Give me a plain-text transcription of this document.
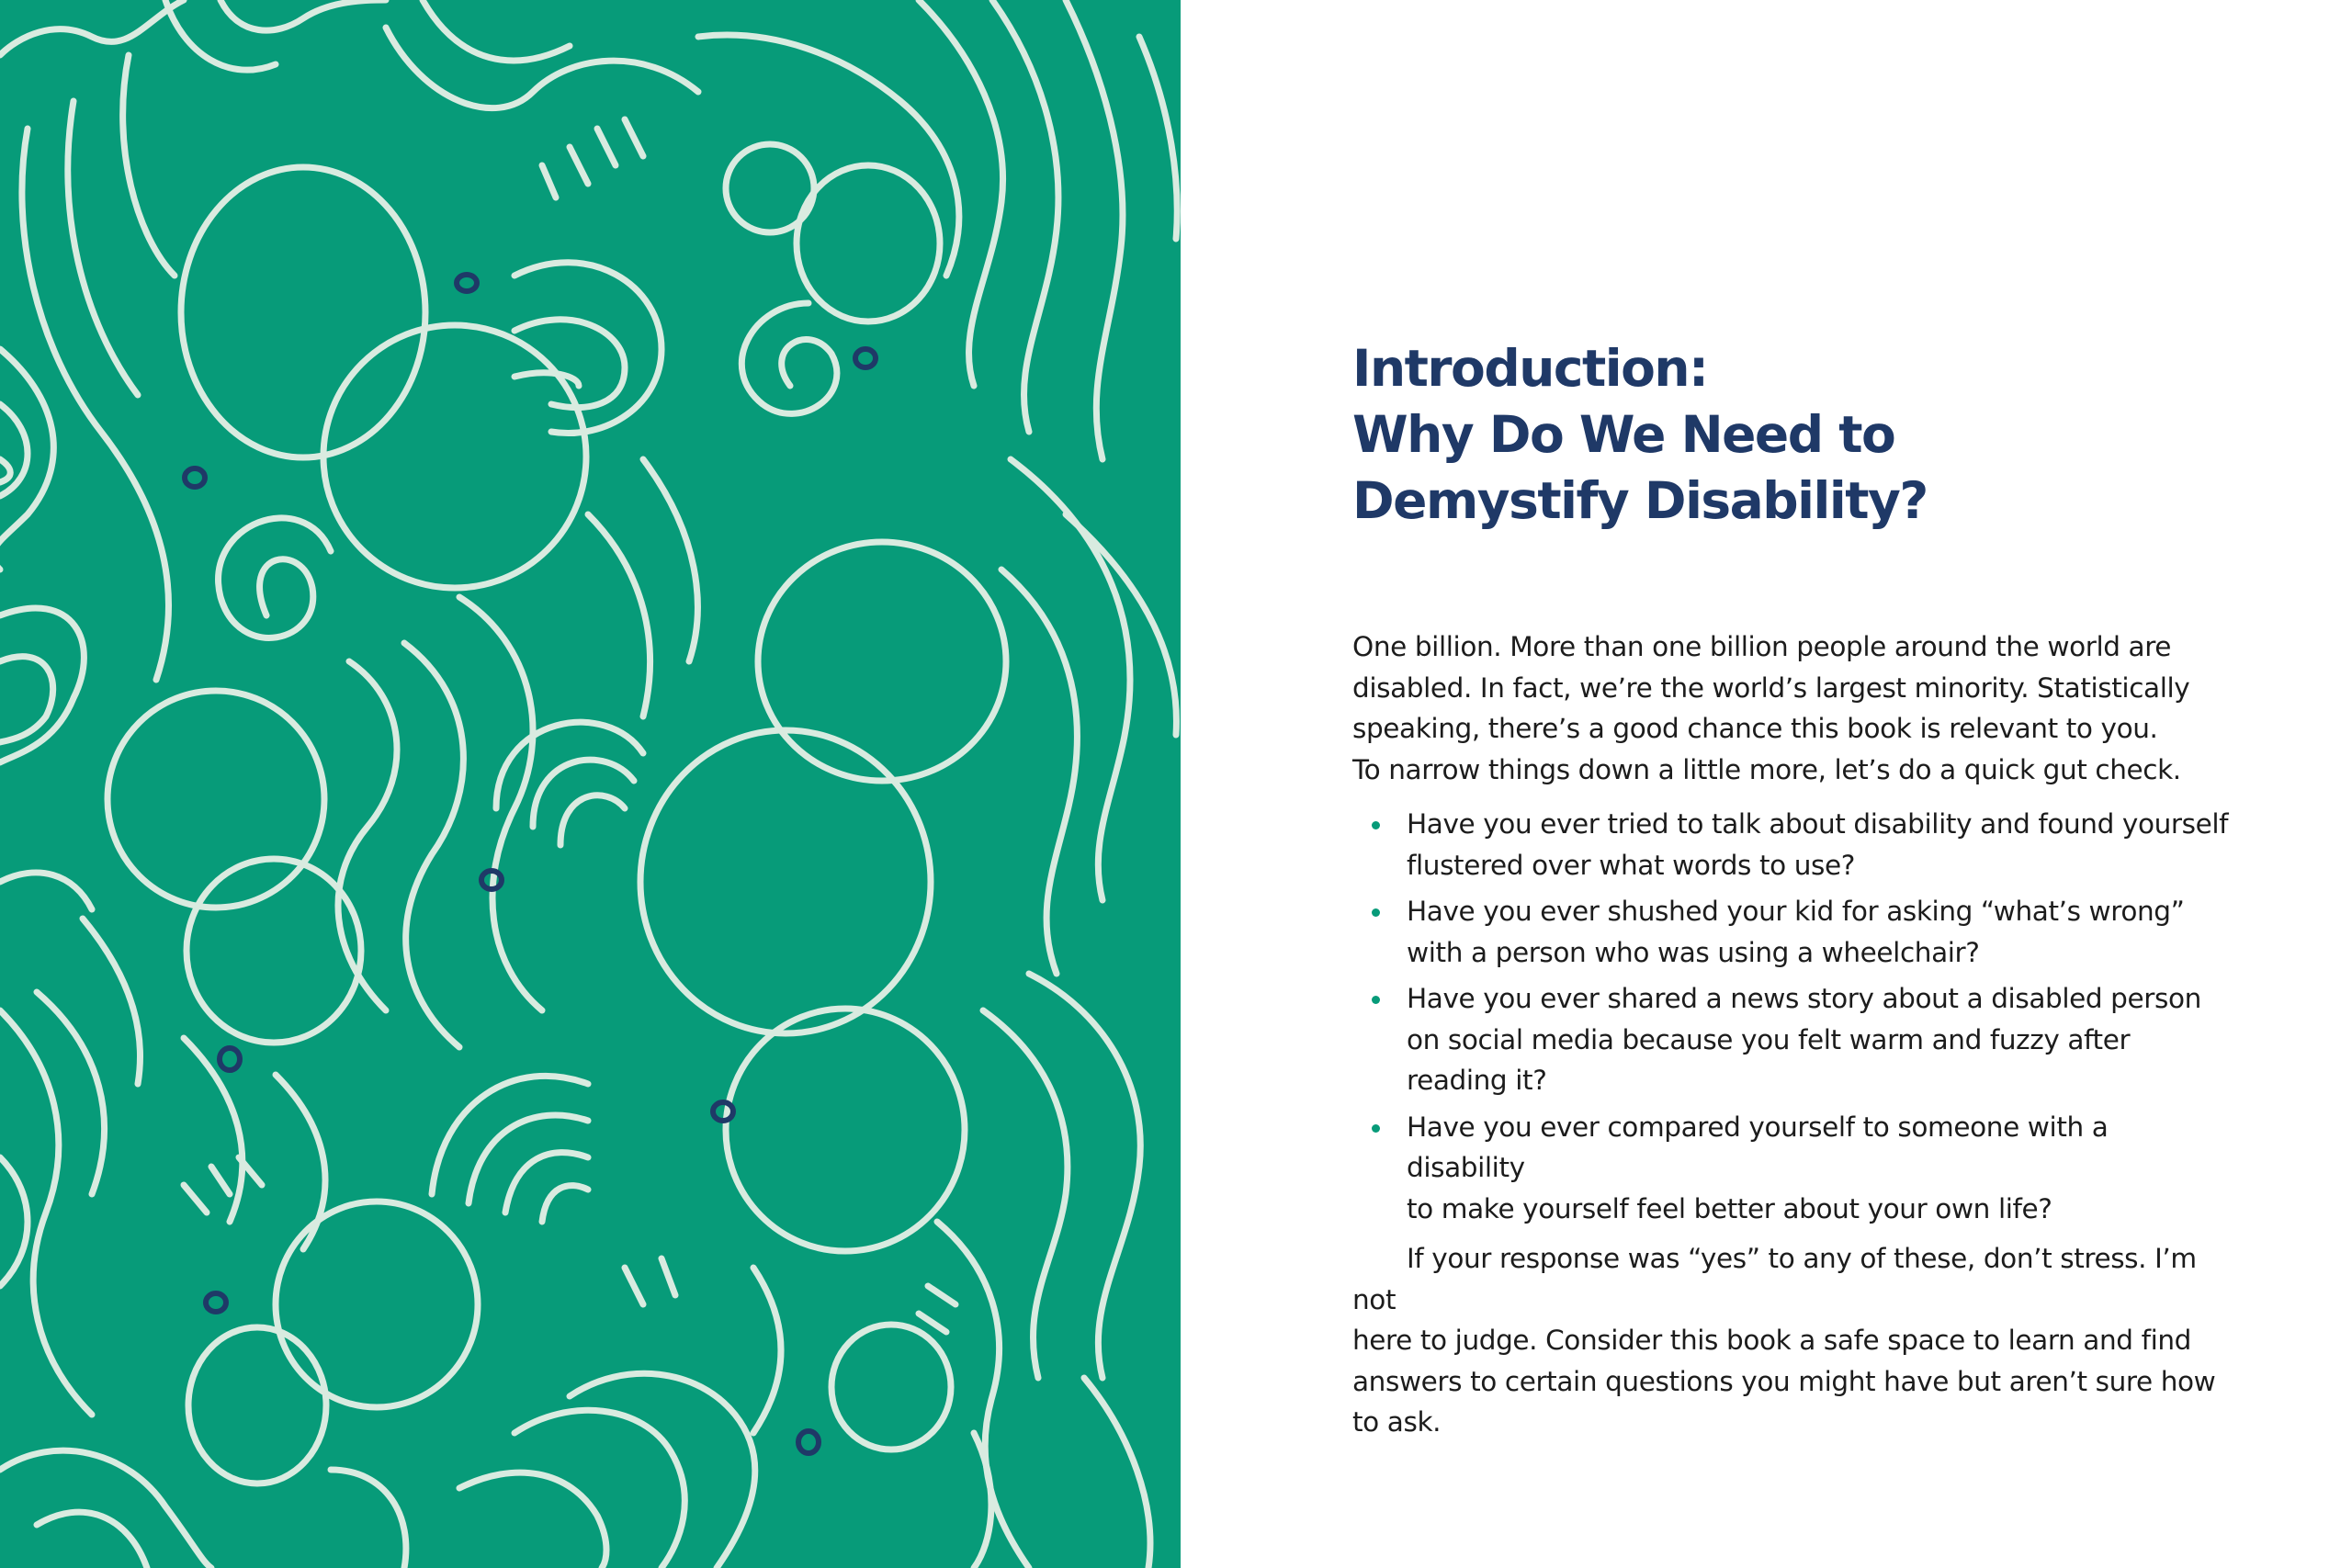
Introduction:
Why Do We Need to
Demystify Disability?

One billion. More than one billion people around the world are
disabled. In fact, we’re the world’s largest minority. Statistically
speaking, there’s a good chance this book is relevant to you.
To narrow things down a little more, let’s do a quick gut check.

Have you ever tried to talk about disability and found yourself
flustered over what words to use?
Have you ever shushed your kid for asking “what’s wrong”
with a person who was using a wheelchair?
Have you ever shared a news story about a disabled person
on social media because you felt warm and fuzzy after
reading it?
Have you ever compared yourself to someone with a disability
to make yourself feel better about your own life?

If your response was “yes” to any of these, don’t stress. I’m not
here to judge. Consider this book a safe space to learn and find
answers to certain questions you might have but aren’t sure how
to ask.
